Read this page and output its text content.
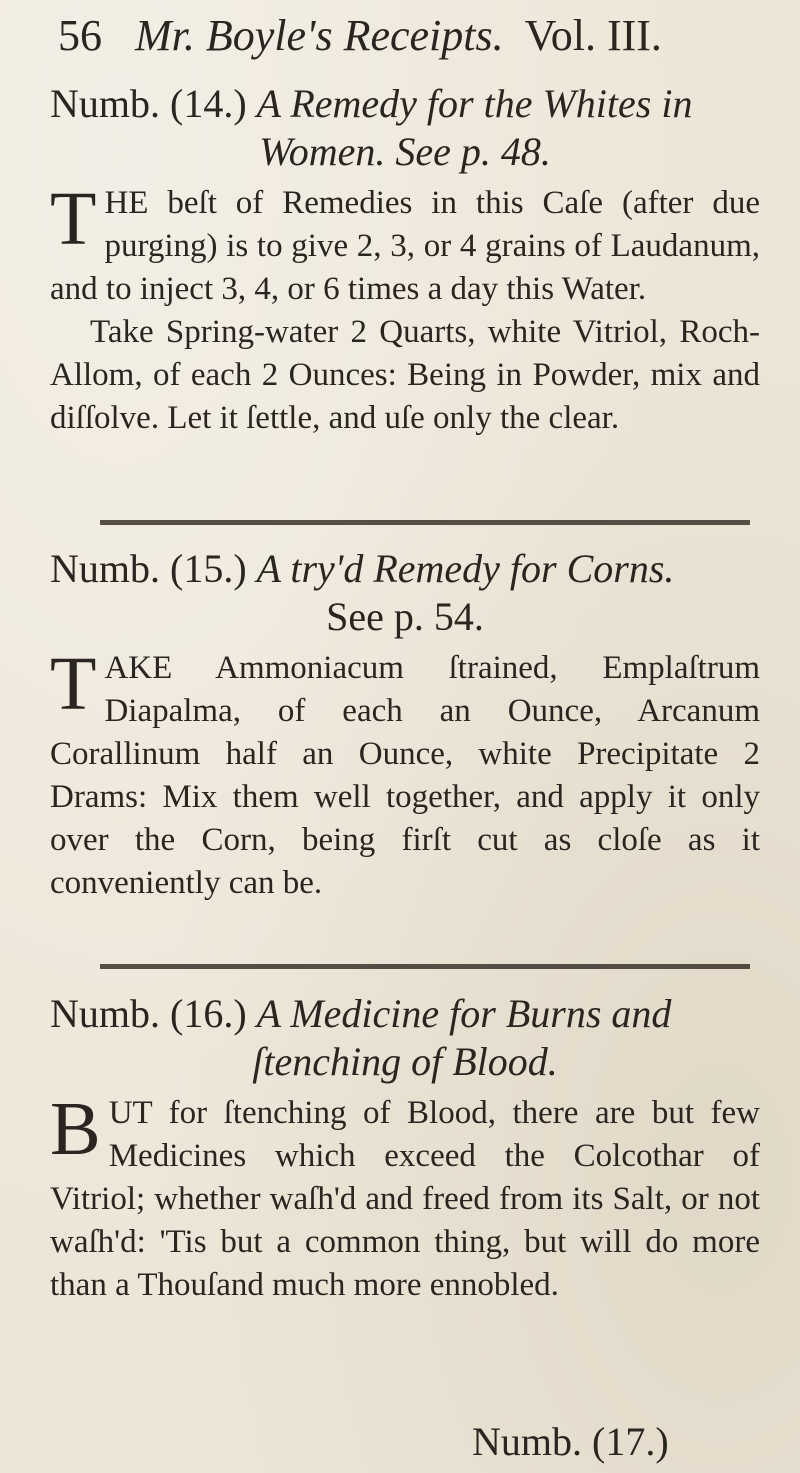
56 Mr. Boyle's Receipts. Vol. III.
Numb. (14.) A Remedy for the Whites in
Women. See p. 48.

T HE beſt of Remedies in this Caſe (after due purging) is to give 2, 3, or 4 grains of Laudanum, and to inject 3, 4, or 6 times a day this Water.

Take Spring-water 2 Quarts, white Vitriol, Roch-Allom, of each 2 Ounces: Being in Powder, mix and diſſolve. Let it ſettle, and uſe only the clear.

Numb. (15.) A try'd Remedy for Corns.
See p. 54.

T AKE Ammoniacum ſtrained, Emplaſtrum Diapalma, of each an Ounce, Arcanum Corallinum half an Ounce, white Precipitate 2 Drams: Mix them well together, and apply it only over the Corn, being firſt cut as cloſe as it conveniently can be.

Numb. (16.) A Medicine for Burns and
ſtenching of Blood.

B UT for ſtenching of Blood, there are but few Medicines which exceed the Colcothar of Vitriol; whether waſh'd and freed from its Salt, or not waſh'd: 'Tis but a common thing, but will do more than a Thouſand much more ennobled.

Numb. (17.)
